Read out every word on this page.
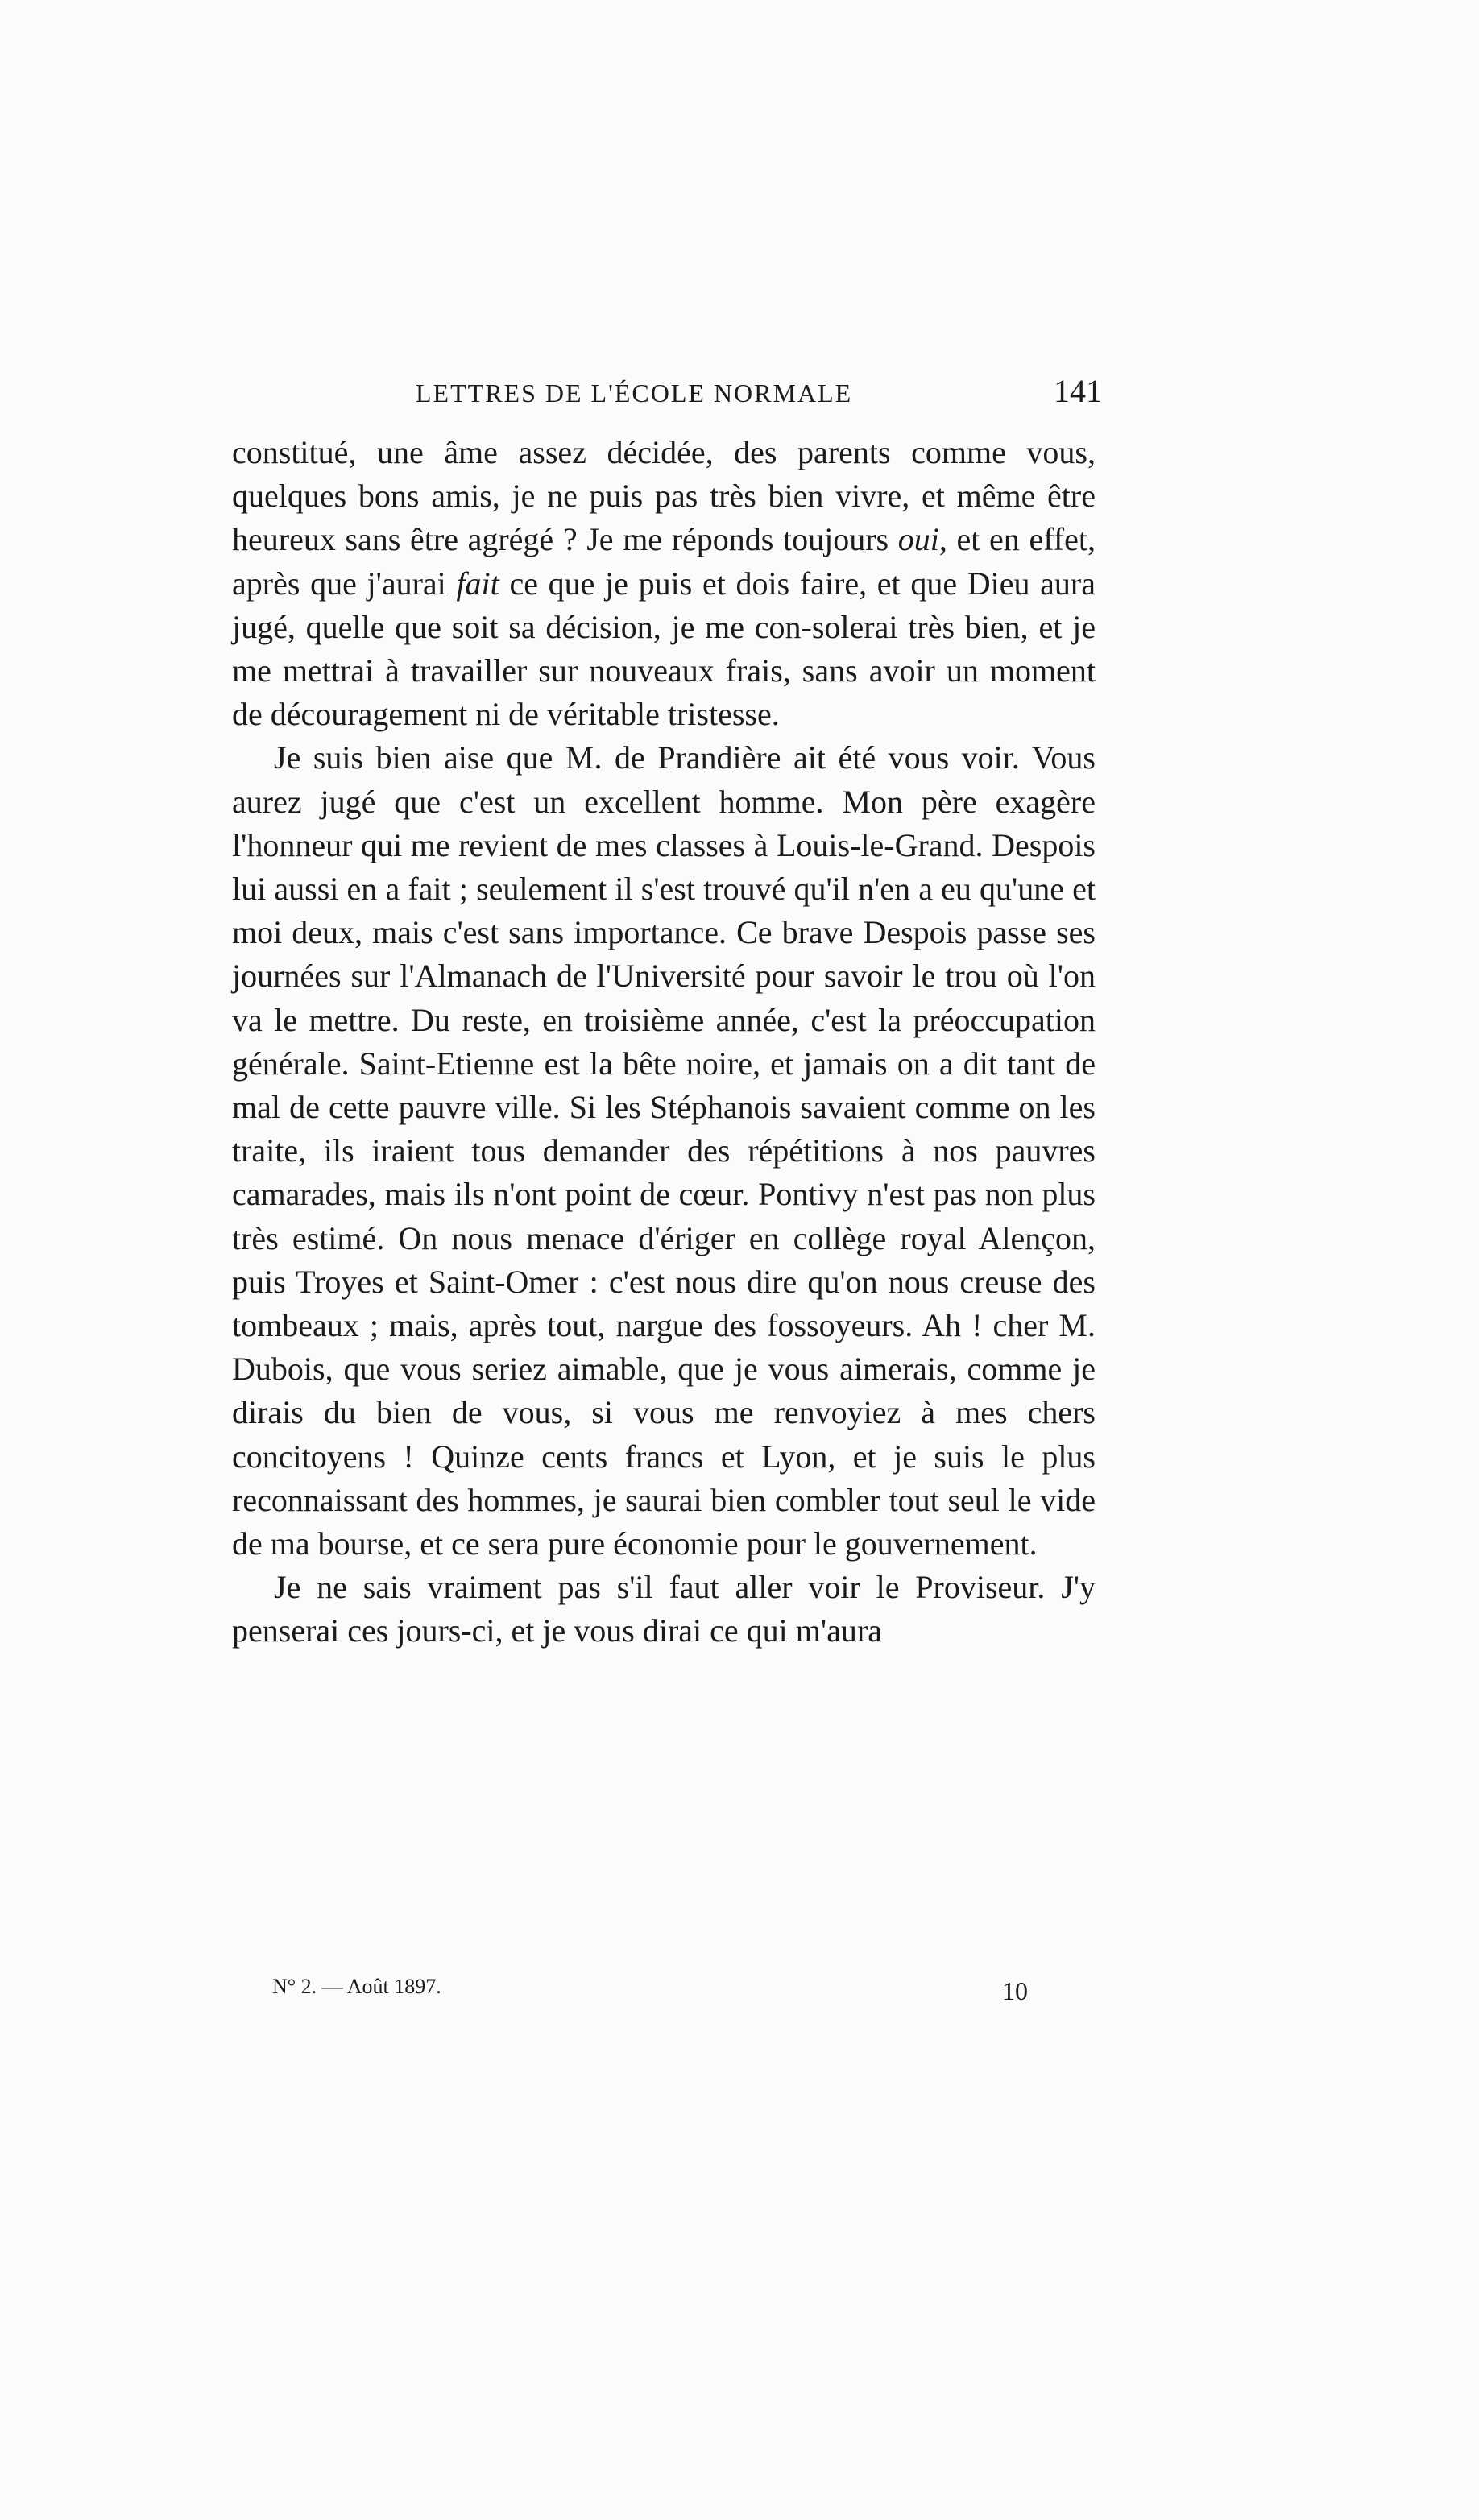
LETTRES DE L'ÉCOLE NORMALE	141

constitué, une âme assez décidée, des parents comme vous, quelques bons amis, je ne puis pas très bien vivre, et même être heureux sans être agrégé ? Je me réponds toujours oui, et en effet, après que j'aurai fait ce que je puis et dois faire, et que Dieu aura jugé, quelle que soit sa décision, je me con-solerai très bien, et je me mettrai à travailler sur nouveaux frais, sans avoir un moment de découragement ni de véritable tristesse.

Je suis bien aise que M. de Prandière ait été vous voir. Vous aurez jugé que c'est un excellent homme. Mon père exagère l'honneur qui me revient de mes classes à Louis-le-Grand. Despois lui aussi en a fait ; seulement il s'est trouvé qu'il n'en a eu qu'une et moi deux, mais c'est sans importance. Ce brave Despois passe ses journées sur l'Almanach de l'Université pour savoir le trou où l'on va le mettre. Du reste, en troisième année, c'est la préoccupation générale. Saint-Etienne est la bête noire, et jamais on a dit tant de mal de cette pauvre ville. Si les Stéphanois savaient comme on les traite, ils iraient tous demander des répétitions à nos pauvres camarades, mais ils n'ont point de cœur. Pontivy n'est pas non plus très estimé. On nous menace d'ériger en collège royal Alençon, puis Troyes et Saint-Omer : c'est nous dire qu'on nous creuse des tombeaux ; mais, après tout, nargue des fossoyeurs. Ah ! cher M. Dubois, que vous seriez aimable, que je vous aimerais, comme je dirais du bien de vous, si vous me renvoyiez à mes chers concitoyens ! Quinze cents francs et Lyon, et je suis le plus reconnaissant des hommes, je saurai bien combler tout seul le vide de ma bourse, et ce sera pure économie pour le gouvernement.

Je ne sais vraiment pas s'il faut aller voir le Proviseur. J'y penserai ces jours-ci, et je vous dirai ce qui m'aura

N° 2. — Août 1897.	10
